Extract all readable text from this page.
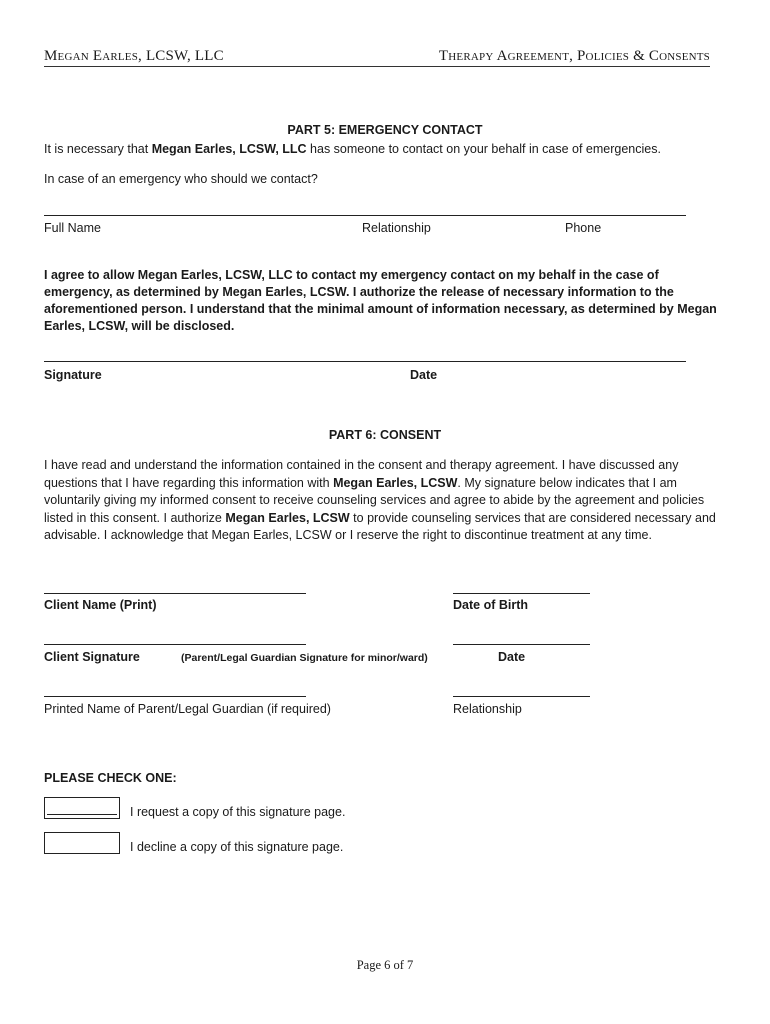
Megan Earles, LCSW, LLC	Therapy Agreement, Policies & Consents
PART 5: EMERGENCY CONTACT
It is necessary that Megan Earles, LCSW, LLC has someone to contact on your behalf in case of emergencies.
In case of an emergency who should we contact?
Full Name	Relationship	Phone
I agree to allow Megan Earles, LCSW, LLC to contact my emergency contact on my behalf in the case of emergency, as determined by Megan Earles, LCSW. I authorize the release of necessary information to the aforementioned person. I understand that the minimal amount of information necessary, as determined by Megan Earles, LCSW, will be disclosed.
Signature	Date
PART 6: CONSENT
I have read and understand the information contained in the consent and therapy agreement. I have discussed any questions that I have regarding this information with Megan Earles, LCSW. My signature below indicates that I am voluntarily giving my informed consent to receive counseling services and agree to abide by the agreement and policies listed in this consent. I authorize Megan Earles, LCSW to provide counseling services that are considered necessary and advisable. I acknowledge that Megan Earles, LCSW or I reserve the right to discontinue treatment at any time.
Client Name (Print)	Date of Birth
Client Signature	(Parent/Legal Guardian Signature for minor/ward)	Date
Printed Name of Parent/Legal Guardian (if required)	Relationship
PLEASE CHECK ONE:
I request a copy of this signature page.
I decline a copy of this signature page.
Page 6 of 7
